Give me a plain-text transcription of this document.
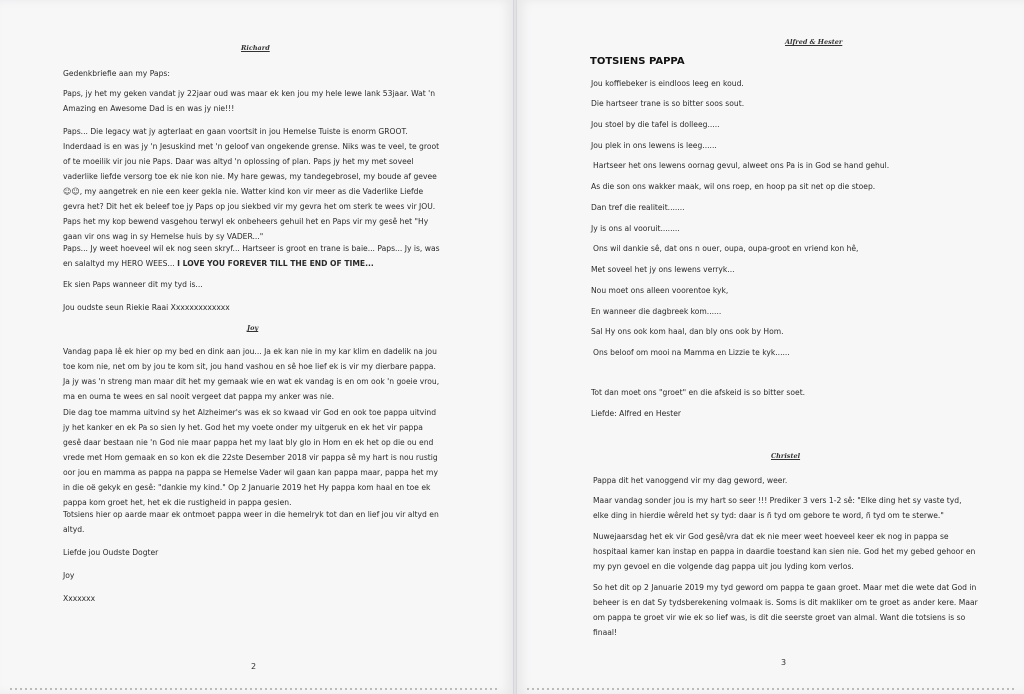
Richard

Gedenkbriefie aan my Paps:

Paps, jy het my geken vandat jy 22jaar oud was maar ek ken jou my hele lewe lank 53jaar. Wat 'n Amazing en Awesome Dad is en was jy nie!!!

Paps... Die legacy wat jy agterlaat en gaan voortsit in jou Hemelse Tuiste is enorm GROOT. Inderdaad is en was jy 'n Jesuskind met 'n geloof van ongekende grense. Niks was te veel, te groot of te moeilik vir jou nie Paps. Daar was altyd 'n oplossing of plan. Paps jy het my met soveel vaderlike liefde versorg toe ek nie kon nie. My hare gewas, my tandegebrosel, my boude af gevee☺☺, my aangetrek en nie een keer gekla nie. Watter kind kon vir meer as die Vaderlike Liefde gevra het? Dit het ek beleef toe jy Paps op jou siekbed vir my gevra het om sterk te wees vir JOU. Paps het my kop bewend vasgehou terwyl ek onbeheers gehuil het en Paps vir my gesê het "Hy gaan vir ons wag in sy Hemelse huis by sy VADER..."

Paps... Jy weet hoeveel wil ek nog seen skryf... Hartseer is groot en trane is baie... Paps... Jy is, was en salaltyd my HERO WEES... I LOVE YOU FOREVER TILL THE END OF TIME...

Ek sien Paps wanneer dit my tyd is...

Jou oudste seun Riekie Raai Xxxxxxxxxxxxx

Joy

Vandag papa lê ek hier op my bed en dink aan jou... Ja ek kan nie in my kar klim en dadelik na jou toe kom nie, net om by jou te kom sit, jou hand vashou en sê hoe lief ek is vir my dierbare pappa. Ja jy was 'n streng man maar dit het my gemaak wie en wat ek vandag is en om ook 'n goeie vrou, ma en ouma te wees en sal nooit vergeet dat pappa my anker was nie.

Die dag toe mamma uitvind sy het Alzheimer's was ek so kwaad vir God en ook toe pappa uitvind jy het kanker en ek Pa so sien ly het. God het my voete onder my uitgeruk en ek het vir pappa gesê daar bestaan nie 'n God nie maar pappa het my laat bly glo in Hom en ek het op die ou end vrede met Hom gemaak en so kon ek die 22ste Desember 2018 vir pappa sê my hart is nou rustig oor jou en mamma as pappa na pappa se Hemelse Vader wil gaan kan pappa maar, pappa het my in die oë gekyk en gesê: "dankie my kind." Op 2 Januarie 2019 het Hy pappa kom haal en toe ek pappa kom groet het, het ek die rustigheid in pappa gesien.

Totsiens hier op aarde maar ek ontmoet pappa weer in die hemelryk tot dan en lief jou vir altyd en altyd.

Liefde jou Oudste Dogter

Joy

Xxxxxxx

2

Alfred & Hester

TOTSIENS PAPPA

Jou koffiebeker is eindloos leeg en koud.

Die hartseer trane is so bitter soos sout.

Jou stoel by die tafel is dolleeg.....

Jou plek in ons lewens is leeg......

Hartseer het ons lewens oornag gevul, alweet ons Pa is in God se hand gehul.

As die son ons wakker maak, wil ons roep, en hoop pa sit net op die stoep.

Dan tref die realiteit.......

Jy is ons al vooruit........

Ons wil dankie sê, dat ons n ouer, oupa, oupa-groot en vriend kon hê,

Met soveel het jy ons lewens verryk...

Nou moet ons alleen voorentoe kyk,

En wanneer die dagbreek kom......

Sal Hy ons ook kom haal, dan bly ons ook by Hom.

Ons beloof om mooi na Mamma en Lizzie te kyk......

Tot dan moet ons "groet" en die afskeid is so bitter soet.

Liefde: Alfred en Hester

Christel

Pappa dit het vanoggend vir my dag geword, weer.

Maar vandag sonder jou is my hart so seer !!! Prediker 3 vers 1-2 sê: "Elke ding het sy vaste tyd, elke ding in hierdie wêreld het sy tyd: daar is ñ tyd om gebore te word, ñ tyd om te sterwe."

Nuwejaarsdag het ek vir God gesê/vra dat ek nie meer weet hoeveel keer ek nog in pappa se hospitaal kamer kan instap en pappa in daardie toestand kan sien nie. God het my gebed gehoor en my pyn gevoel en die volgende dag pappa uit jou lyding kom verlos.

So het dit op 2 Januarie 2019 my tyd geword om pappa te gaan groet. Maar met die wete dat God in beheer is en dat Sy tydsberekening volmaak is. Soms is dit makliker om te groet as ander kere. Maar om pappa te groet vir wie ek so lief was, is dit die seerste groet van almal. Want die totsiens is so finaal!

3
